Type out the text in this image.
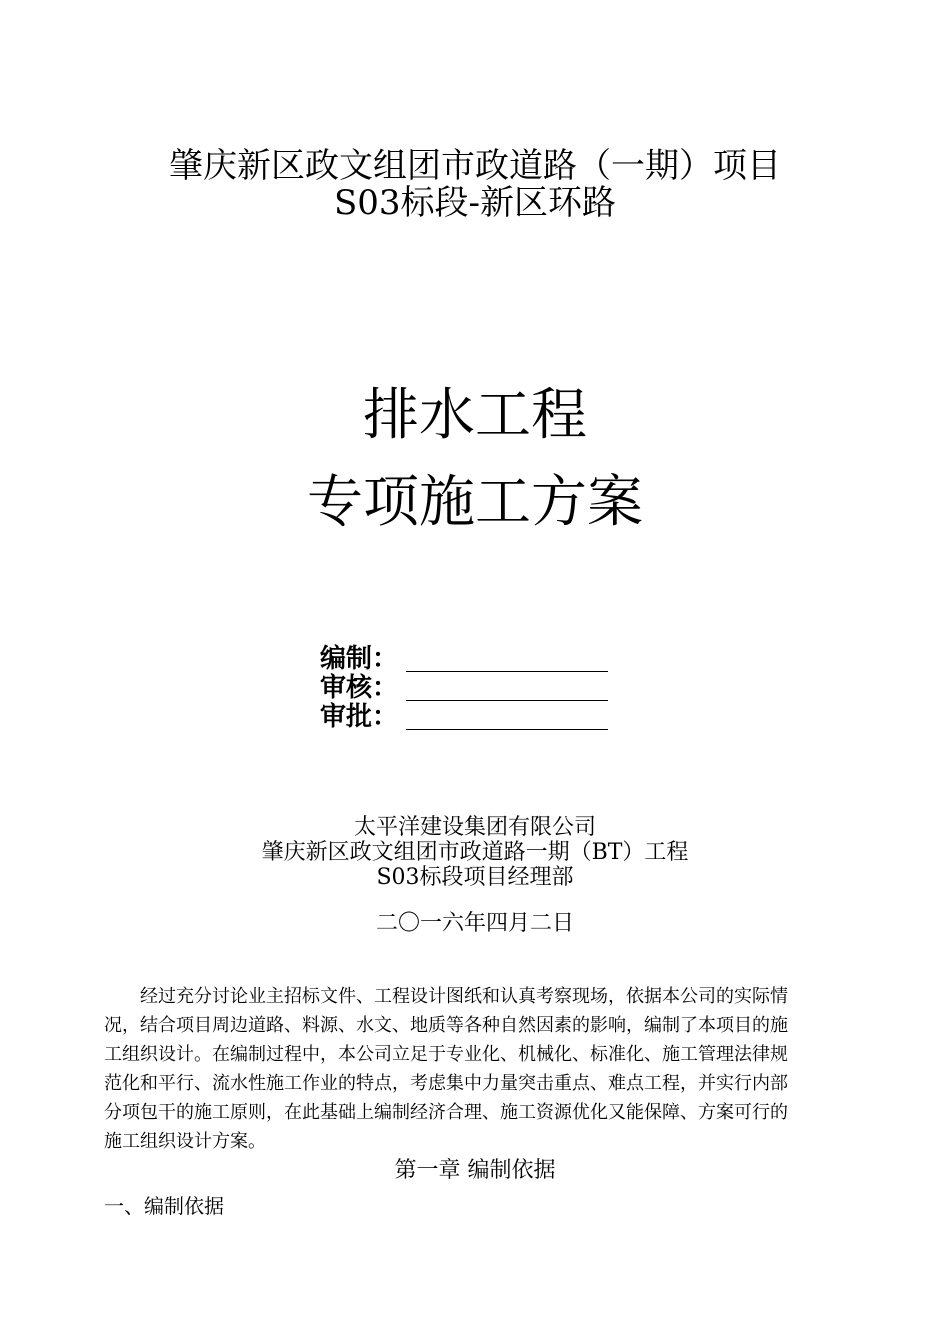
肇庆新区政文组团市政道路（一期）项目
S03标段-新区环路
排水工程
专项施工方案
编制：
审核：
审批：
太平洋建设集团有限公司
肇庆新区政文组团市政道路一期（BT）工程
S03标段项目经理部
二〇一六年四月二日
　　经过充分讨论业主招标文件、工程设计图纸和认真考察现场，依据本公司的实际情
况，结合项目周边道路、料源、水文、地质等各种自然因素的影响，编制了本项目的施
工组织设计。在编制过程中，本公司立足于专业化、机械化、标准化、施工管理法律规
范化和平行、流水性施工作业的特点，考虑集中力量突击重点、难点工程，并实行内部
分项包干的施工原则，在此基础上编制经济合理、施工资源优化又能保障、方案可行的
施工组织设计方案。
第一章 编制依据
一、编制依据
